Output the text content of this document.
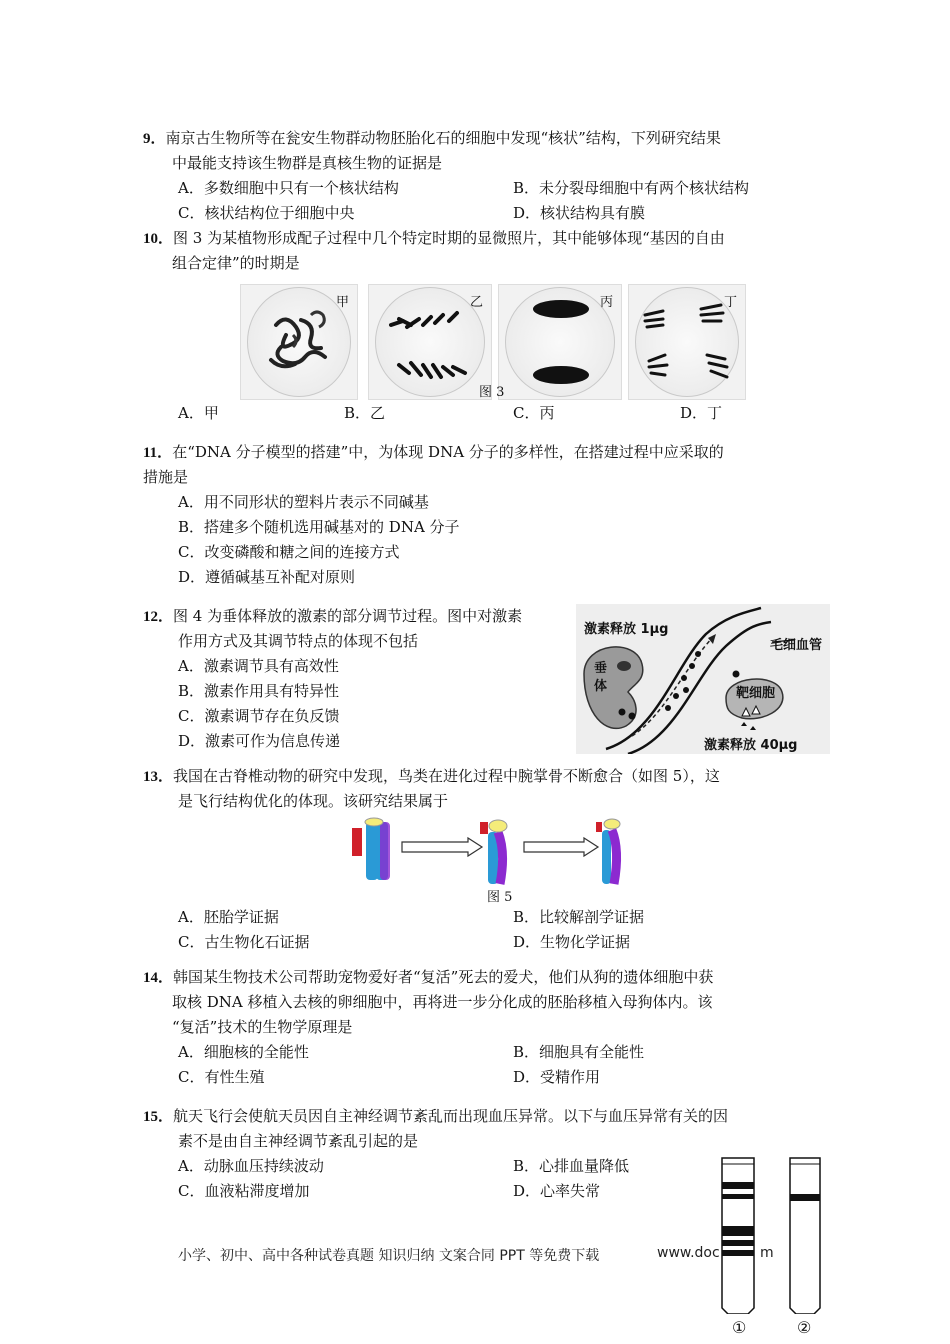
9．南京古生物所等在瓮安生物群动物胚胎化石的细胞中发现“核状”结构，下列研究结果
中最能支持该生物群是真核生物的证据是
A．多数细胞中只有一个核状结构	B．未分裂母细胞中有两个核状结构
C．核状结构位于细胞中央	D．核状结构具有膜
10．图 3 为某植物形成配子过程中几个特定时期的显微照片，其中能够体现“基因的自由
组合定律”的时期是
甲	乙	丙	丁
图 3
A．甲	B．乙	C．丙	D．丁
11．在“DNA 分子模型的搭建”中，为体现 DNA 分子的多样性，在搭建过程中应采取的
措施是
A．用不同形状的塑料片表示不同碱基
B．搭建多个随机选用碱基对的 DNA 分子
C．改变磷酸和糖之间的连接方式
D．遵循碱基互补配对原则
12．图 4 为垂体释放的激素的部分调节过程。图中对激素
作用方式及其调节特点的体现不包括
A．激素调节具有高效性
B．激素作用具有特异性
C．激素调节存在负反馈
D．激素可作为信息传递
激素释放 1μg
毛细血管
垂体	靶细胞
激素释放 40μg
13．我国在古脊椎动物的研究中发现，鸟类在进化过程中腕掌骨不断愈合（如图 5），这
是飞行结构优化的体现。该研究结果属于
图 5
A．胚胎学证据	B．比较解剖学证据
C．古生物化石证据	D．生物化学证据
14．韩国某生物技术公司帮助宠物爱好者“复活”死去的爱犬，他们从狗的遗体细胞中获
取核 DNA 移植入去核的卵细胞中，再将进一步分化成的胚胎移植入母狗体内。该
“复活”技术的生物学原理是
A．细胞核的全能性	B．细胞具有全能性
C．有性生殖	D．受精作用
15．航天飞行会使航天员因自主神经调节紊乱而出现血压异常。以下与血压异常有关的因
素不是由自主神经调节紊乱引起的是
A．动脉血压持续波动	B．心排血量降低
C．血液粘滞度增加	D．心率失常
①	②
小学、初中、高中各种试卷真题 知识归纳 文案合同 PPT 等免费下载	www.doc	m
